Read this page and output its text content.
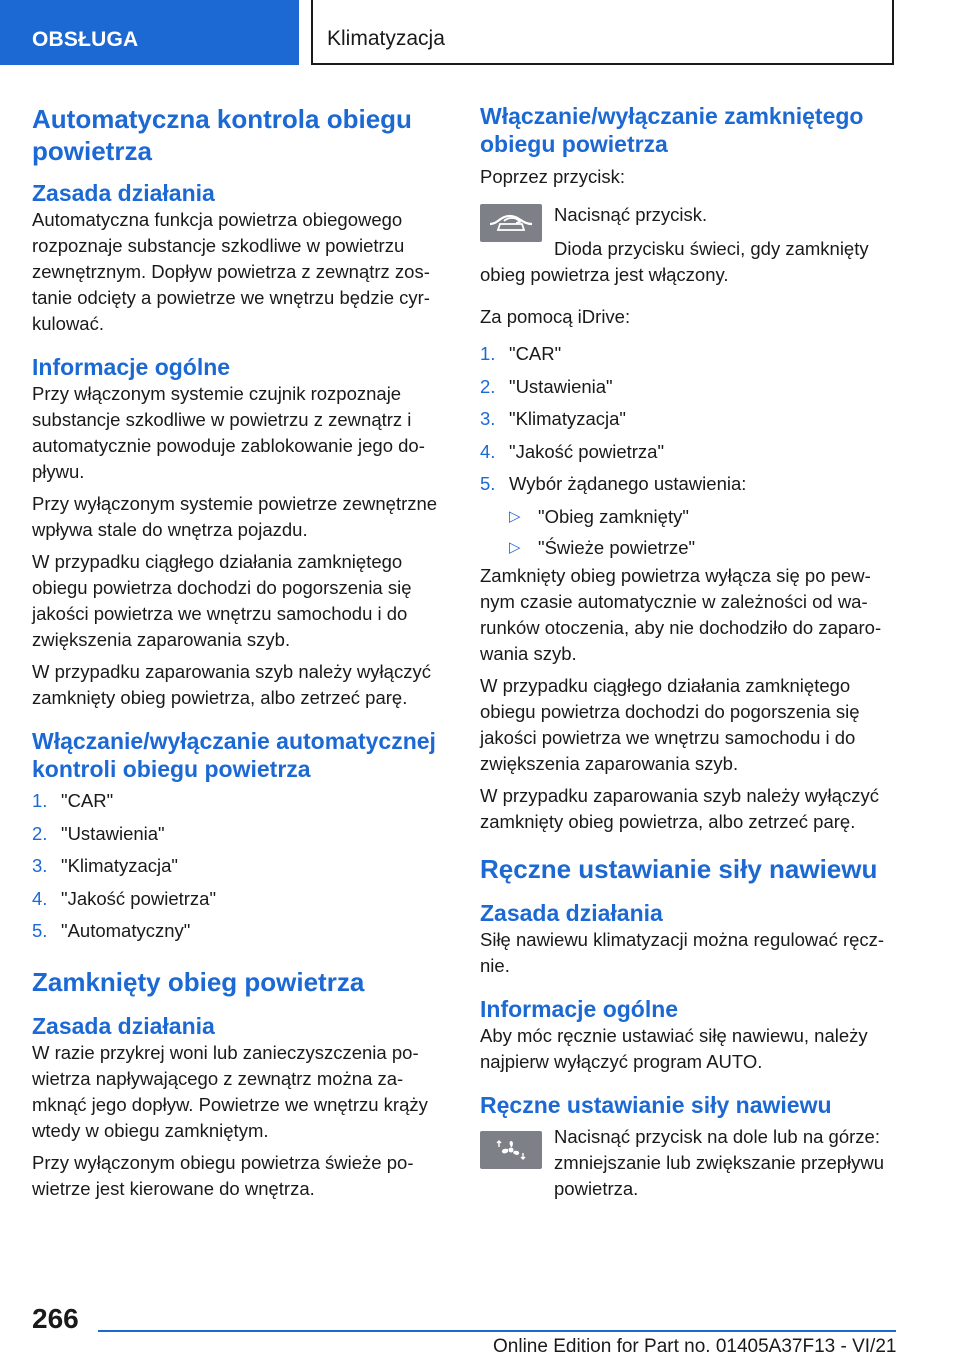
OBSŁUGA	Klimatyzacja
Automatyczna kontrola obiegu powietrza
Zasada działania

Automatyczna funkcja powietrza obiegowego rozpoznaje substancje szkodliwe w powietrzu zewnętrznym. Dopływ powietrza z zewnątrz zostanie odcięty a powietrze we wnętrzu będzie cyrkulować.

Informacje ogólne

Przy włączonym systemie czujnik rozpoznaje substancje szkodliwe w powietrzu z zewnątrz i automatycznie powoduje zablokowanie jego dopływu.

Przy wyłączonym systemie powietrze zewnętrzne wpływa stale do wnętrza pojazdu.

W przypadku ciągłego działania zamkniętego obiegu powietrza dochodzi do pogorszenia się jakości powietrza we wnętrzu samochodu i do zwiększenia zaparowania szyb.

W przypadku zaparowania szyb należy wyłączyć zamknięty obieg powietrza, albo zetrzeć parę.

Włączanie/wyłączanie automatycznej kontroli obiegu powietrza
1. "CAR"
2. "Ustawienia"
3. "Klimatyzacja"
4. "Jakość powietrza"
5. "Automatyczny"
Zamknięty obieg powietrza
Zasada działania

W razie przykrej woni lub zanieczyszczenia powietrza napływającego z zewnątrz można zamknąć jego dopływ. Powietrze we wnętrzu krąży wtedy w obiegu zamkniętym.

Przy wyłączonym obiegu powietrza świeże powietrze jest kierowane do wnętrza.

Włączanie/wyłączanie zamkniętego obiegu powietrza

Poprzez przycisk:

Nacisnąć przycisk.

Dioda przycisku świeci, gdy zamknięty obieg powietrza jest włączony.

Za pomocą iDrive:

1. "CAR"
2. "Ustawienia"
3. "Klimatyzacja"
4. "Jakość powietrza"
5. Wybór żądanego ustawienia:
▷ "Obieg zamknięty"
▷ "Świeże powietrze"

Zamknięty obieg powietrza wyłącza się po pewnym czasie automatycznie w zależności od warunków otoczenia, aby nie dochodziło do zaparowania szyb.

W przypadku ciągłego działania zamkniętego obiegu powietrza dochodzi do pogorszenia się jakości powietrza we wnętrzu samochodu i do zwiększenia zaparowania szyb.

W przypadku zaparowania szyb należy wyłączyć zamknięty obieg powietrza, albo zetrzeć parę.

Ręczne ustawianie siły nawiewu
Zasada działania

Siłę nawiewu klimatyzacji można regulować ręcznie.

Informacje ogólne

Aby móc ręcznie ustawiać siłę nawiewu, należy najpierw wyłączyć program AUTO.

Ręczne ustawianie siły nawiewu

Nacisnąć przycisk na dole lub na górze: zmniejszanie lub zwiększanie przepływu powietrza.

266
Online Edition for Part no. 01405A37F13 - VI/21
